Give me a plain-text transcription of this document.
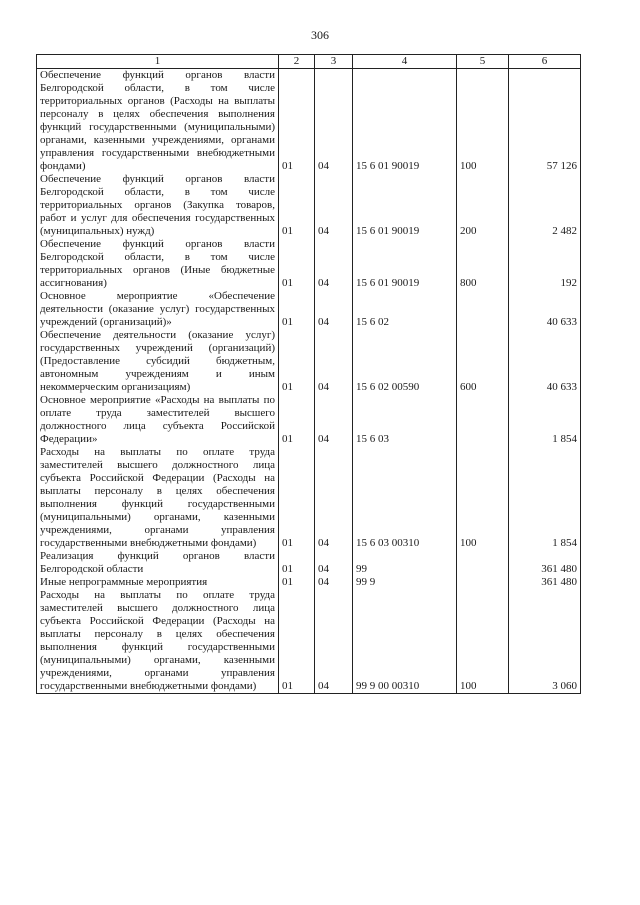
306
1	2	3	4	5	6
Обеспечение функций органов власти Белгородской области, в том числе территориальных органов (Расходы на выплаты персоналу в целях обеспечения выполнения функций государственными (муниципальными) органами, казенными учреждениями, органами управления государственными внебюджетными фондами)	01	04	15 6 01 90019	100	57 126
Обеспечение функций органов власти Белгородской области, в том числе территориальных органов (Закупка товаров, работ и услуг для обеспечения государственных (муниципальных) нужд)	01	04	15 6 01 90019	200	2 482
Обеспечение функций органов власти Белгородской области, в том числе территориальных органов (Иные бюджетные ассигнования)	01	04	15 6 01 90019	800	192
Основное мероприятие «Обеспечение деятельности (оказание услуг) государственных учреждений (организаций)»	01	04	15 6 02		40 633
Обеспечение деятельности (оказание услуг) государственных учреждений (организаций) (Предоставление субсидий бюджетным, автономным учреждениям и иным некоммерческим организациям)	01	04	15 6 02 00590	600	40 633
Основное мероприятие «Расходы на выплаты по оплате труда заместителей высшего должностного лица субъекта Российской Федерации»	01	04	15 6 03		1 854
Расходы на выплаты по оплате труда заместителей высшего должностного лица субъекта Российской Федерации (Расходы на выплаты персоналу в целях обеспечения выполнения функций государственными (муниципальными) органами, казенными учреждениями, органами управления государственными внебюджетными фондами)	01	04	15 6 03 00310	100	1 854
Реализация функций органов власти Белгородской области	01	04	99		361 480
Иные непрограммные мероприятия	01	04	99 9		361 480
Расходы на выплаты по оплате труда заместителей высшего должностного лица субъекта Российской Федерации (Расходы на выплаты персоналу в целях обеспечения выполнения функций государственными (муниципальными) органами, казенными учреждениями, органами управления государственными внебюджетными фондами)	01	04	99 9 00 00310	100	3 060
